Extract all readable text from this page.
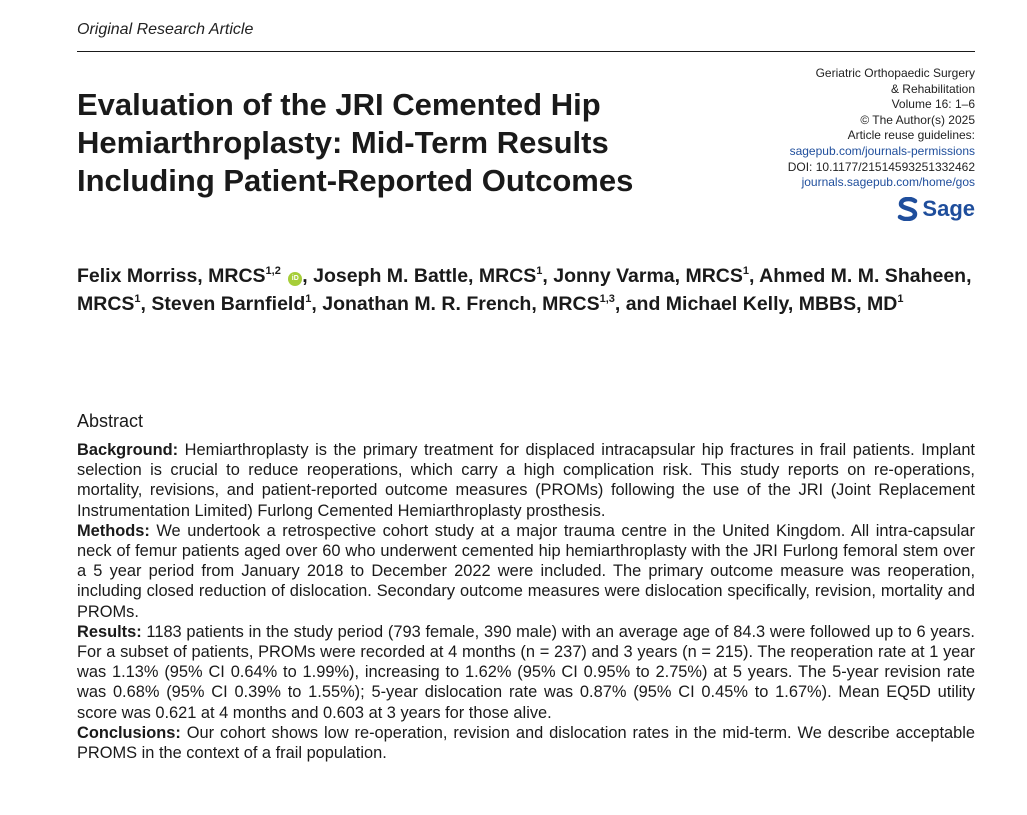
Original Research Article
Evaluation of the JRI Cemented Hip Hemiarthroplasty: Mid-Term Results Including Patient-Reported Outcomes
Geriatric Orthopaedic Surgery
& Rehabilitation
Volume 16: 1–6
© The Author(s) 2025
Article reuse guidelines:
sagepub.com/journals-permissions
DOI: 10.1177/21514593251332462
journals.sagepub.com/home/gos
Sage
Felix Morriss, MRCS$^{1,2}$ iD , Joseph M. Battle, MRCS$^1$, Jonny Varma, MRCS$^1$, Ahmed M. M. Shaheen, MRCS$^1$, Steven Barnfield$^1$, Jonathan M. R. French, MRCS$^{1,3}$, and Michael Kelly, MBBS, $MD^1$
Abstract

Background: Hemiarthroplasty is the primary treatment for displaced intracapsular hip fractures in frail patients. Implant selection is crucial to reduce reoperations, which carry a high complication risk. This study reports on re-operations, mortality, revisions, and patient-reported outcome measures (PROMs) following the use of the JRI (Joint Replacement Instrumentation Limited) Furlong Cemented Hemiarthroplasty prosthesis.

Methods: We undertook a retrospective cohort study at a major trauma centre in the United Kingdom. All intra-capsular neck of femur patients aged over 60 who underwent cemented hip hemiarthroplasty with the JRI Furlong femoral stem over a 5 year period from January 2018 to December 2022 were included. The primary outcome measure was reoperation, including closed reduction of dislocation. Secondary outcome measures were dislocation specifically, revision, mortality and PROMs.

Results: 1183 patients in the study period (793 female, 390 male) with an average age of 84.3 were followed up to 6 years. For a subset of patients, PROMs were recorded at 4 months (n = 237) and 3 years (n = 215). The reoperation rate at 1 year was 1.13% (95% CI 0.64% to 1.99%), increasing to 1.62% (95% CI 0.95% to 2.75%) at 5 years. The 5-year revision rate was 0.68% (95% CI 0.39% to 1.55%); 5-year dislocation rate was 0.87% (95% CI 0.45% to 1.67%). Mean EQ5D utility score was 0.621 at 4 months and 0.603 at 3 years for those alive.

Conclusions: Our cohort shows low re-operation, revision and dislocation rates in the mid-term. We describe acceptable PROMS in the context of a frail population.
